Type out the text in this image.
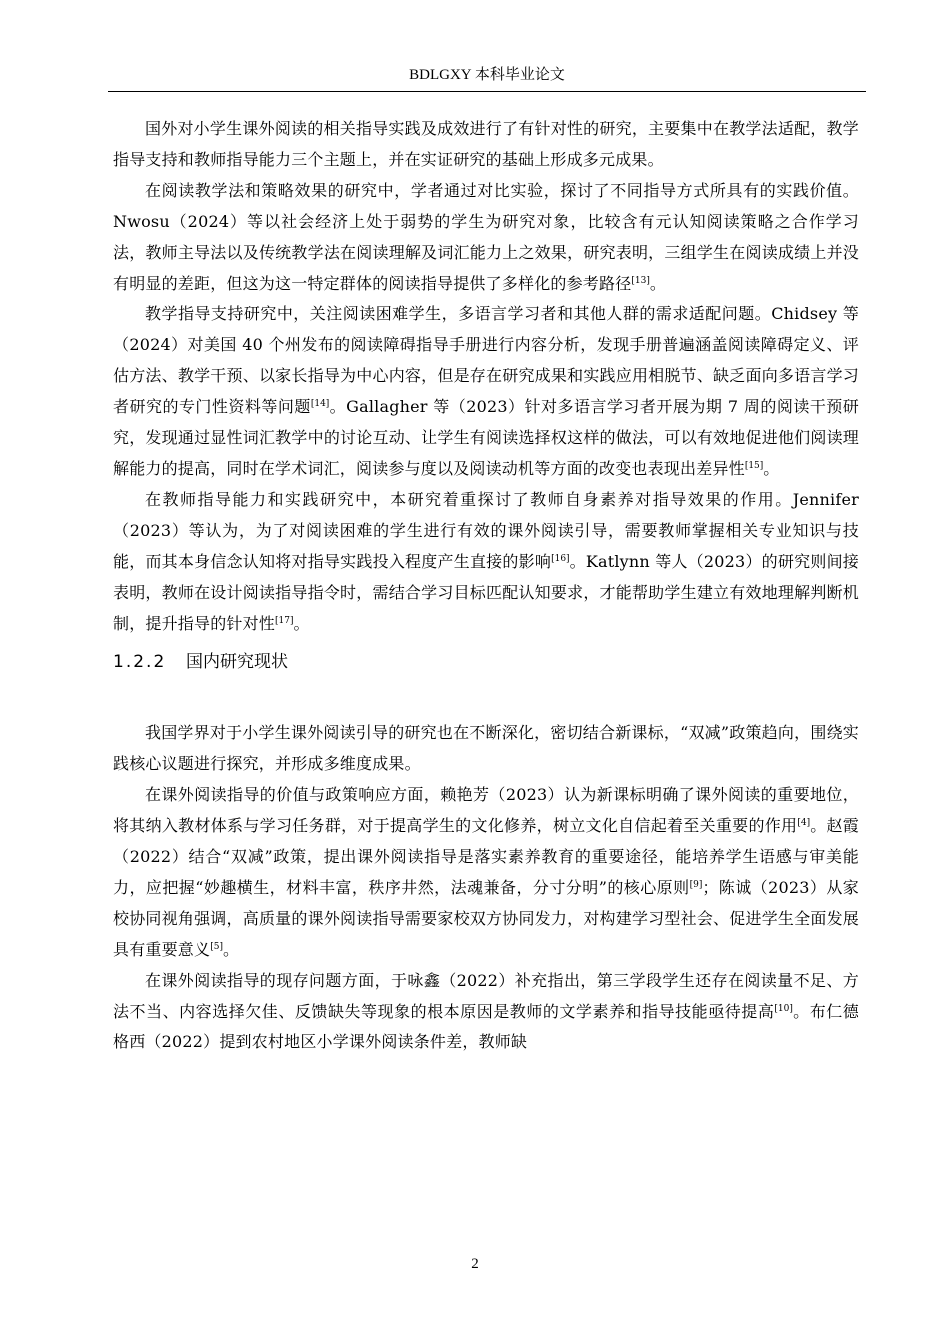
BDLGXY 本科毕业论文

国外对小学生课外阅读的相关指导实践及成效进行了有针对性的研究，主要集中在教学法适配，教学指导支持和教师指导能力三个主题上，并在实证研究的基础上形成多元成果。

在阅读教学法和策略效果的研究中，学者通过对比实验，探讨了不同指导方式所具有的实践价值。Nwosu（2024）等以社会经济上处于弱势的学生为研究对象，比较含有元认知阅读策略之合作学习法，教师主导法以及传统教学法在阅读理解及词汇能力上之效果，研究表明，三组学生在阅读成绩上并没有明显的差距，但这为这一特定群体的阅读指导提供了多样化的参考路径[13]。

教学指导支持研究中，关注阅读困难学生，多语言学习者和其他人群的需求适配问题。Chidsey 等（2024）对美国 40 个州发布的阅读障碍指导手册进行内容分析，发现手册普遍涵盖阅读障碍定义、评估方法、教学干预、以家长指导为中心内容，但是存在研究成果和实践应用相脱节、缺乏面向多语言学习者研究的专门性资料等问题[14]。Gallagher 等（2023）针对多语言学习者开展为期 7 周的阅读干预研究，发现通过显性词汇教学中的讨论互动、让学生有阅读选择权这样的做法，可以有效地促进他们阅读理解能力的提高，同时在学术词汇，阅读参与度以及阅读动机等方面的改变也表现出差异性[15]。

在教师指导能力和实践研究中，本研究着重探讨了教师自身素养对指导效果的作用。Jennifer（2023）等认为，为了对阅读困难的学生进行有效的课外阅读引导，需要教师掌握相关专业知识与技能，而其本身信念认知将对指导实践投入程度产生直接的影响[16]。Katlynn 等人（2023）的研究则间接表明，教师在设计阅读指导指令时，需结合学习目标匹配认知要求，才能帮助学生建立有效地理解判断机制，提升指导的针对性[17]。

1.2.2	国内研究现状

我国学界对于小学生课外阅读引导的研究也在不断深化，密切结合新课标，“双减”政策趋向，围绕实践核心议题进行探究，并形成多维度成果。

在课外阅读指导的价值与政策响应方面，赖艳芳（2023）认为新课标明确了课外阅读的重要地位，将其纳入教材体系与学习任务群，对于提高学生的文化修养，树立文化自信起着至关重要的作用[4]。赵霞（2022）结合“双减”政策，提出课外阅读指导是落实素养教育的重要途径，能培养学生语感与审美能力，应把握“妙趣横生，材料丰富，秩序井然，法魂兼备，分寸分明”的核心原则[9]；陈诚（2023）从家校协同视角强调，高质量的课外阅读指导需要家校双方协同发力，对构建学习型社会、促进学生全面发展具有重要意义[5]。

在课外阅读指导的现存问题方面，于咏鑫（2022）补充指出，第三学段学生还存在阅读量不足、方法不当、内容选择欠佳、反馈缺失等现象的根本原因是教师的文学素养和指导技能亟待提高[10]。布仁德格西（2022）提到农村地区小学课外阅读条件差，教师缺

2
